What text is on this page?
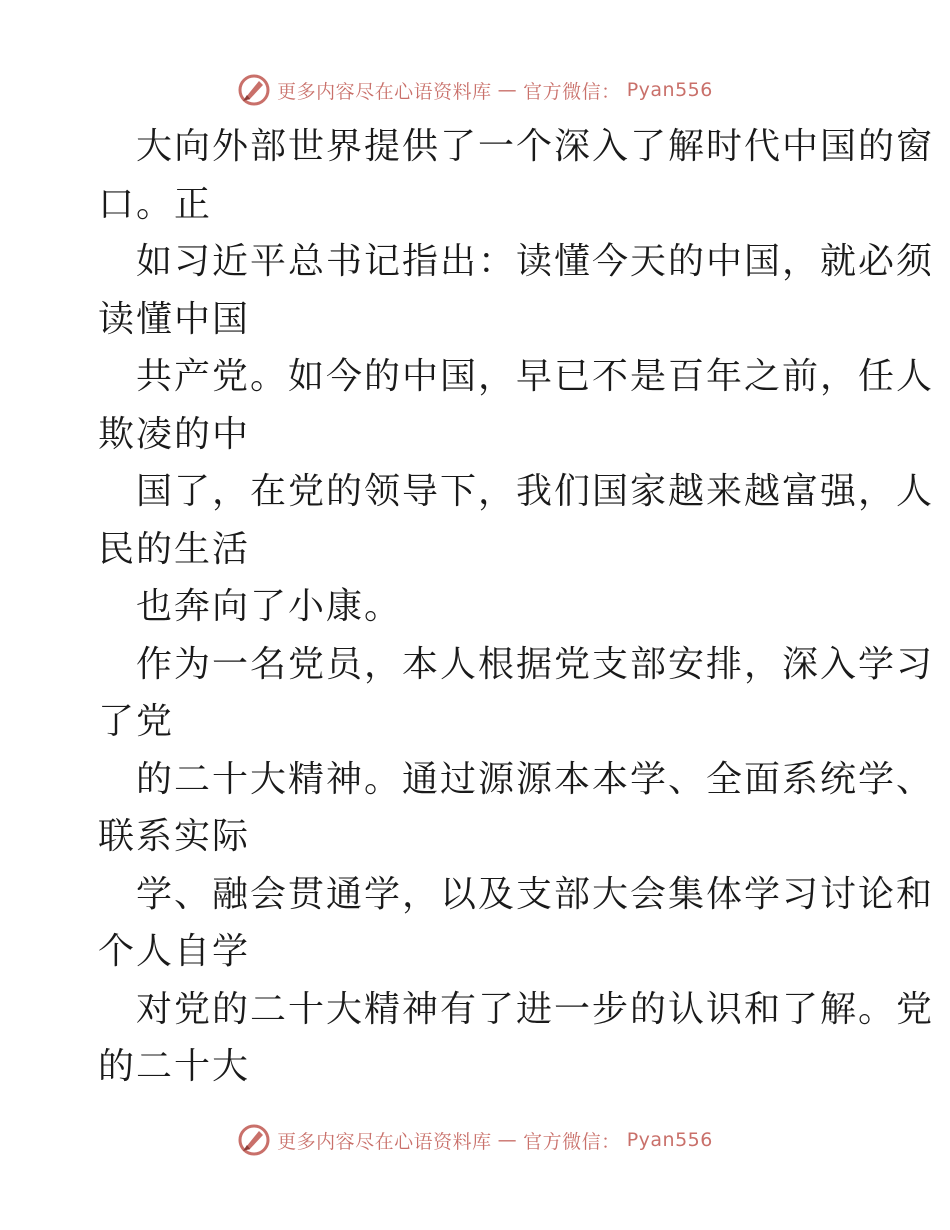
更多内容尽在心语资料库 — 官方微信： Pyan556
大向外部世界提供了一个深入了解时代中国的窗
口。正
如习近平总书记指出：读懂今天的中国，就必须
读懂中国
共产党。如今的中国，早已不是百年之前，任人
欺凌的中
国了，在党的领导下，我们国家越来越富强，人
民的生活
也奔向了小康。
作为一名党员，本人根据党支部安排，深入学习
了党
的二十大精神。通过源源本本学、全面系统学、
联系实际
学、融会贯通学，以及支部大会集体学习讨论和
个人自学
对党的二十大精神有了进一步的认识和了解。党
的二十大
更多内容尽在心语资料库 — 官方微信： Pyan556
